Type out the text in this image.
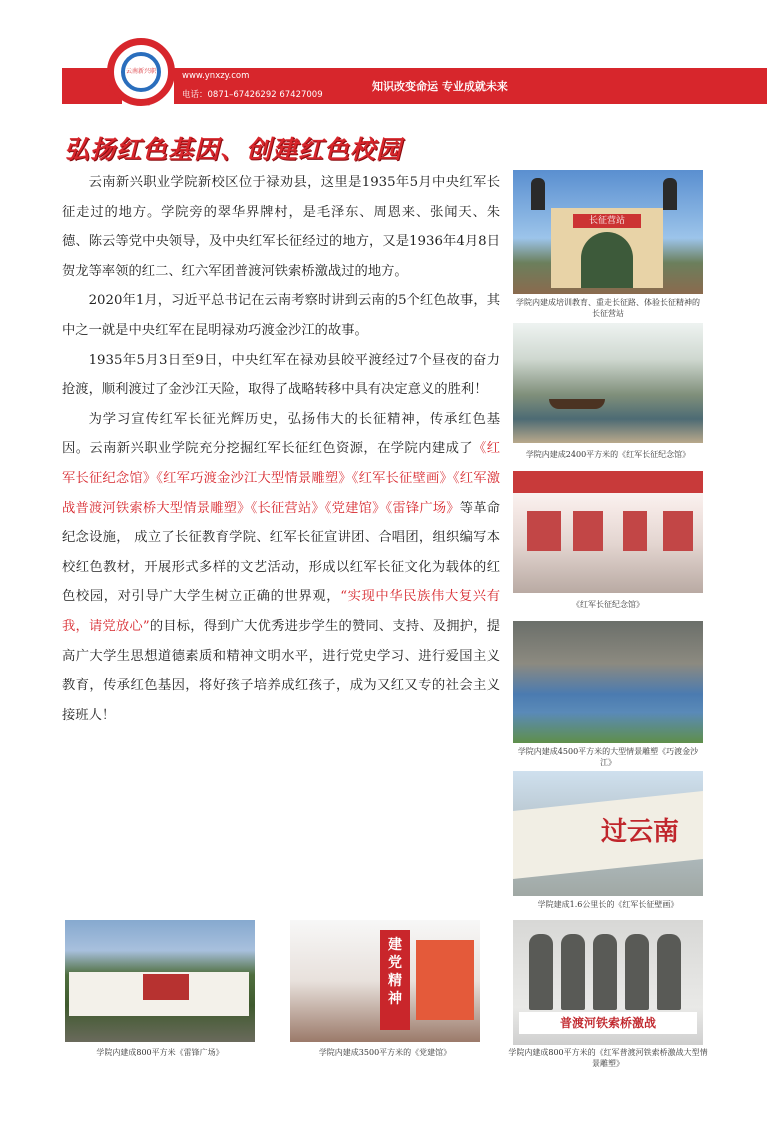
云南新兴职业学院
www.ynxzy.com
电话：0871–67426292 67427009
知识改变命运 专业成就未来
弘扬红色基因、创建红色校园

云南新兴职业学院新校区位于禄劝县，这里是1935年5月中央红军长征走过的地方。学院旁的翠华界牌村，是毛泽东、周恩来、张闻天、朱德、陈云等党中央领导，及中央红军长征经过的地方，又是1936年4月8日贺龙等率领的红二、红六军团普渡河铁索桥激战过的地方。

2020年1月，习近平总书记在云南考察时讲到云南的5个红色故事，其中之一就是中央红军在昆明禄劝巧渡金沙江的故事。

1935年5月3日至9日，中央红军在禄劝县皎平渡经过7个昼夜的奋力抢渡，顺利渡过了金沙江天险，取得了战略转移中具有决定意义的胜利！

为学习宣传红军长征光辉历史，弘扬伟大的长征精神，传承红色基因。云南新兴职业学院充分挖掘红军长征红色资源，在学院内建成了《红军长征纪念馆》《红军巧渡金沙江大型情景雕塑》《红军长征壁画》《红军激战普渡河铁索桥大型情景雕塑》《长征营站》《党建馆》《雷锋广场》等革命纪念设施， 成立了长征教育学院、红军长征宣讲团、合唱团，组织编写本校红色教材，开展形式多样的文艺活动，形成以红军长征文化为载体的红色校园，对引导广大学生树立正确的世界观，“实现中华民族伟大复兴有我，请党放心”的目标，得到广大优秀进步学生的赞同、支持、及拥护，提高广大学生思想道德素质和精神文明水平，进行党史学习、进行爱国主义教育，传承红色基因，将好孩子培养成红孩子，成为又红又专的社会主义接班人！

长征营站
学院内建成培训教育、重走长征路、体验长征精神的长征营站
学院内建成2400平方米的《红军长征纪念馆》
《红军长征纪念馆》
学院内建成4500平方米的大型情景雕塑《巧渡金沙江》
过云南
学院建成1.6公里长的《红军长征壁画》
普渡河铁索桥激战
学院内建成800平方米的《红军普渡河铁索桥激战大型情景雕塑》
学院内建成800平方米《雷锋广场》
建党精神
学院内建成3500平方米的《党建馆》
